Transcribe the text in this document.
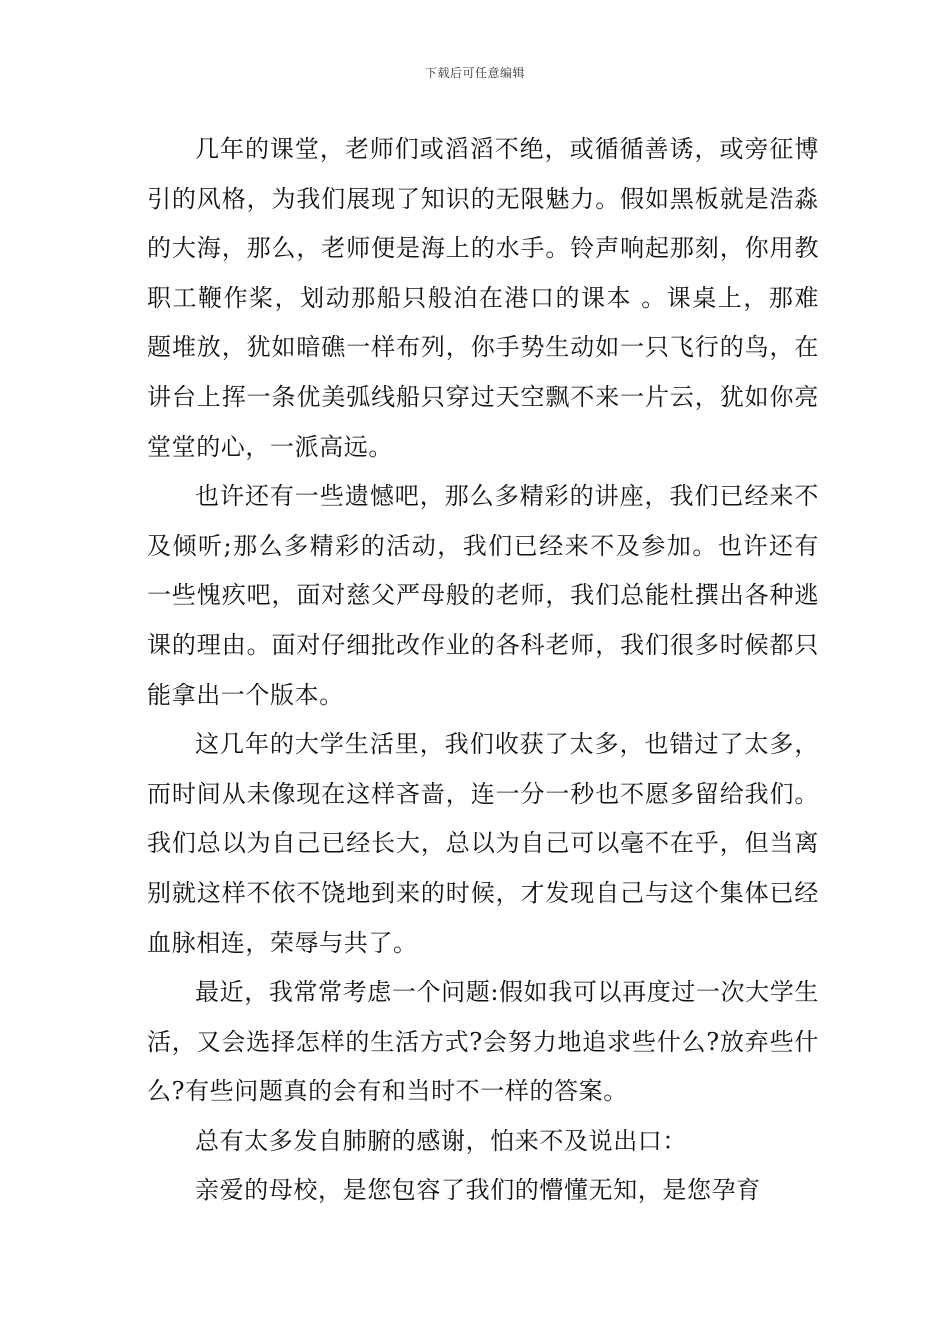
下载后可任意编辑

几年的课堂，老师们或滔滔不绝，或循循善诱，或旁征博引的风格，为我们展现了知识的无限魅力。假如黑板就是浩淼的大海，那么，老师便是海上的水手。铃声响起那刻，你用教职工鞭作桨，划动那船只般泊在港口的课本 。课桌上，那难题堆放，犹如暗礁一样布列，你手势生动如一只飞行的鸟，在讲台上挥一条优美弧线船只穿过天空飘不来一片云，犹如你亮堂堂的心，一派高远。

也许还有一些遗憾吧，那么多精彩的讲座，我们已经来不及倾听;那么多精彩的活动，我们已经来不及参加。也许还有一些愧疚吧，面对慈父严母般的老师，我们总能杜撰出各种逃课的理由。面对仔细批改作业的各科老师，我们很多时候都只能拿出一个版本。

这几年的大学生活里，我们收获了太多，也错过了太多，而时间从未像现在这样吝啬，连一分一秒也不愿多留给我们。我们总以为自己已经长大，总以为自己可以毫不在乎，但当离别就这样不依不饶地到来的时候，才发现自己与这个集体已经血脉相连，荣辱与共了。

最近，我常常考虑一个问题:假如我可以再度过一次大学生活，又会选择怎样的生活方式?会努力地追求些什么?放弃些什么?有些问题真的会有和当时不一样的答案。

总有太多发自肺腑的感谢，怕来不及说出口：

亲爱的母校，是您包容了我们的懵懂无知，是您孕育
